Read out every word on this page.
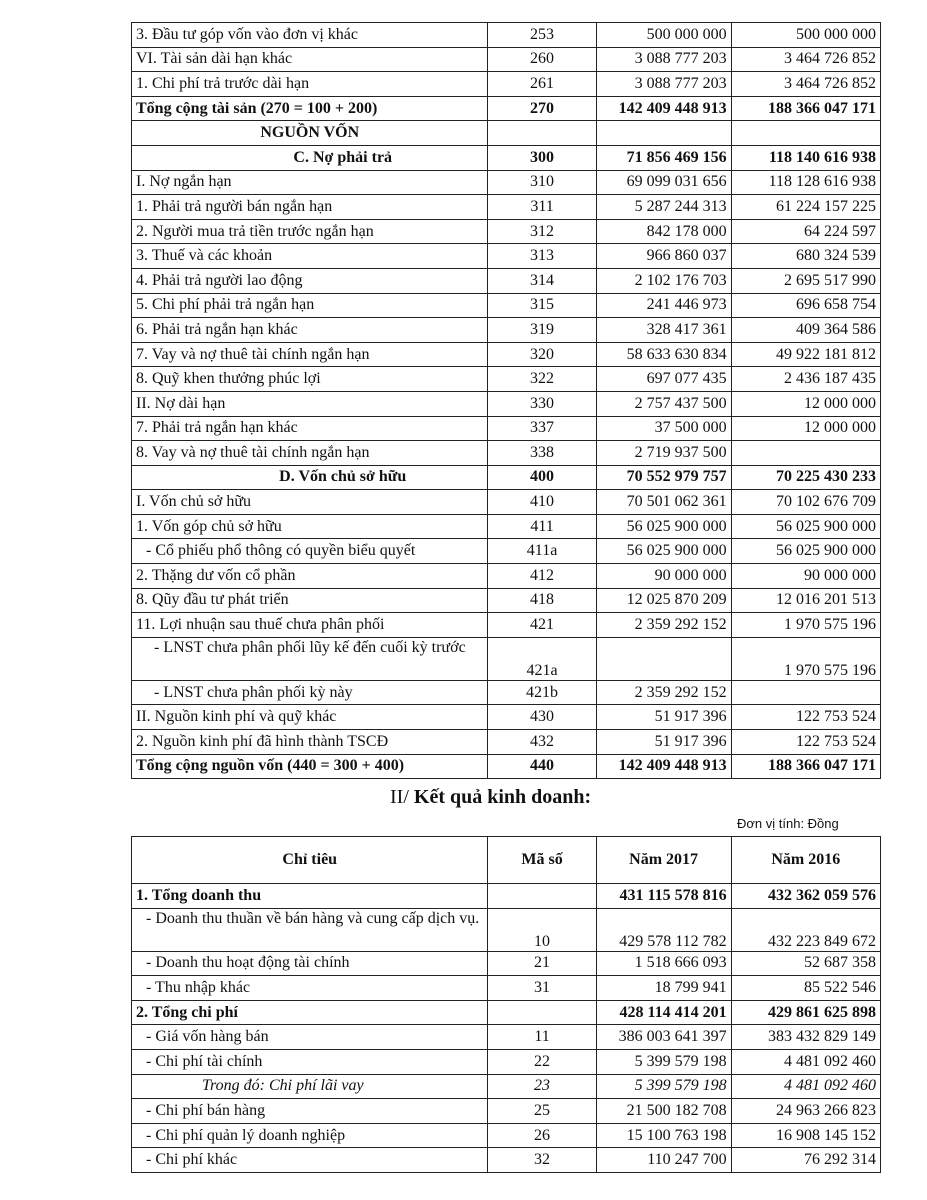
3. Đầu tư góp vốn vào đơn vị khác	253	500 000 000	500 000 000
VI. Tài sản dài hạn khác	260	3 088 777 203	3 464 726 852
1. Chi phí trả trước dài hạn	261	3 088 777 203	3 464 726 852
Tổng cộng tài sản (270 = 100 + 200)	270	142 409 448 913	188 366 047 171
NGUỒN VỐN			
C. Nợ phải trả	300	71 856 469 156	118 140 616 938
I. Nợ ngắn hạn	310	69 099 031 656	118 128 616 938
1. Phải trả người bán ngắn hạn	311	5 287 244 313	61 224 157 225
2. Người mua trả tiền trước ngắn hạn	312	842 178 000	64 224 597
3. Thuế và các khoản	313	966 860 037	680 324 539
4. Phải trả người lao động	314	2 102 176 703	2 695 517 990
5. Chi phí phải trả ngắn hạn	315	241 446 973	696 658 754
6. Phải trả ngắn hạn khác	319	328 417 361	409 364 586
7. Vay và nợ thuê tài chính ngắn hạn	320	58 633 630 834	49 922 181 812
8. Quỹ khen thưởng phúc lợi	322	697 077 435	2 436 187 435
II. Nợ dài hạn	330	2 757 437 500	12 000 000
7. Phải trả ngắn hạn khác	337	37 500 000	12 000 000
8. Vay và nợ thuê tài chính ngắn hạn	338	2 719 937 500	
D. Vốn chủ sở hữu	400	70 552 979 757	70 225 430 233
I. Vốn chủ sở hữu	410	70 501 062 361	70 102 676 709
1. Vốn góp chủ sở hữu	411	56 025 900 000	56 025 900 000
- Cổ phiếu phổ thông có quyền biểu quyết	411a	56 025 900 000	56 025 900 000
2. Thặng dư vốn cổ phần	412	90 000 000	90 000 000
8. Qũy đầu tư phát triển	418	12 025 870 209	12 016 201 513
11. Lợi nhuận sau thuế chưa phân phối	421	2 359 292 152	1 970 575 196
- LNST chưa phân phối lũy kế đến cuối kỳ trước	421a		1 970 575 196
- LNST chưa phân phối kỳ này	421b	2 359 292 152	
II. Nguồn kinh phí và quỹ khác	430	51 917 396	122 753 524
2. Nguồn kinh phí đã hình thành TSCĐ	432	51 917 396	122 753 524
Tổng cộng nguồn vốn (440 = 300 + 400)	440	142 409 448 913	188 366 047 171
II/ Kết quả kinh doanh:
Đơn vị tính: Đồng
Chỉ tiêu	Mã số	Năm 2017	Năm 2016
1. Tổng doanh thu		431 115 578 816	432 362 059 576
- Doanh thu thuần về bán hàng và cung cấp dịch vụ.	10	429 578 112 782	432 223 849 672
- Doanh thu hoạt động tài chính	21	1 518 666 093	52 687 358
- Thu nhập khác	31	18 799 941	85 522 546
2. Tổng chi phí		428 114 414 201	429 861 625 898
- Giá vốn hàng bán	11	386 003 641 397	383 432 829 149
- Chi phí tài chính	22	5 399 579 198	4 481 092 460
Trong đó: Chi phí lãi vay	23	5 399 579 198	4 481 092 460
- Chi phí bán hàng	25	21 500 182 708	24 963 266 823
- Chi phí quản lý doanh nghiệp	26	15 100 763 198	16 908 145 152
- Chi phí khác	32	110 247 700	76 292 314
